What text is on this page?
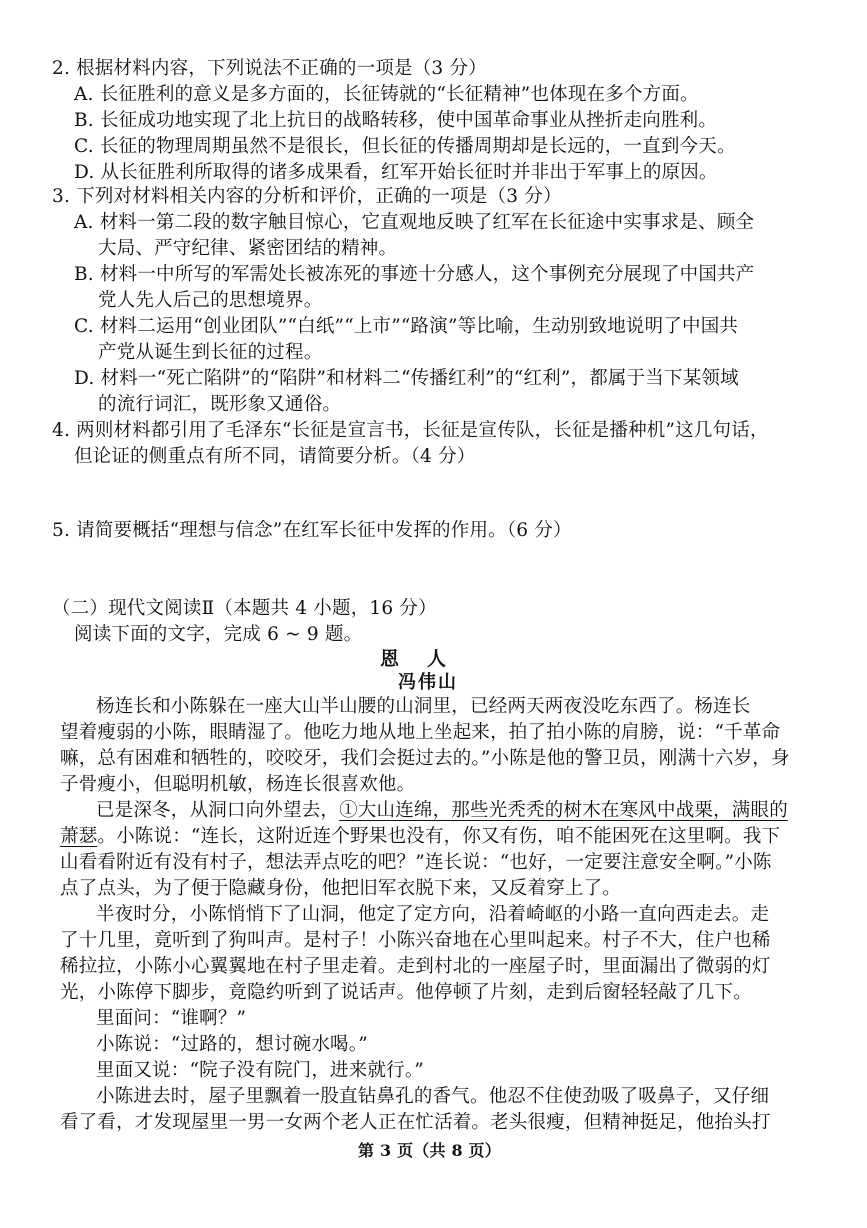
2. 根据材料内容，下列说法不正确的一项是（3 分）
A. 长征胜利的意义是多方面的，长征铸就的“长征精神”也体现在多个方面。
B. 长征成功地实现了北上抗日的战略转移，使中国革命事业从挫折走向胜利。
C. 长征的物理周期虽然不是很长，但长征的传播周期却是长远的，一直到今天。
D. 从长征胜利所取得的诸多成果看，红军开始长征时并非出于军事上的原因。
3. 下列对材料相关内容的分析和评价，正确的一项是（3 分）
A. 材料一第二段的数字触目惊心，它直观地反映了红军在长征途中实事求是、顾全
大局、严守纪律、紧密团结的精神。
B. 材料一中所写的军需处长被冻死的事迹十分感人，这个事例充分展现了中国共产
党人先人后己的思想境界。
C. 材料二运用“创业团队”“白纸”“上市”“路演”等比喻，生动别致地说明了中国共
产党从诞生到长征的过程。
D. 材料一“死亡陷阱”的“陷阱”和材料二“传播红利”的“红利”，都属于当下某领域
的流行词汇，既形象又通俗。
4. 两则材料都引用了毛泽东“长征是宣言书，长征是宣传队，长征是播种机”这几句话，
但论证的侧重点有所不同，请简要分析。（4 分）
5. 请简要概括“理想与信念”在红军长征中发挥的作用。（6 分）
（二）现代文阅读Ⅱ（本题共 4 小题，16 分）
阅读下面的文字，完成 6 ~ 9 题。
恩人
冯伟山
杨连长和小陈躲在一座大山半山腰的山洞里，已经两天两夜没吃东西了。杨连长
望着瘦弱的小陈，眼睛湿了。他吃力地从地上坐起来，拍了拍小陈的肩膀，说：“千革命
嘛，总有困难和牺牲的，咬咬牙，我们会挺过去的。”小陈是他的警卫员，刚满十六岁，身
子骨瘦小，但聪明机敏，杨连长很喜欢他。
已是深冬，从洞口向外望去，①大山连绵，那些光秃秃的树木在寒风中战栗，满眼的
萧瑟。小陈说：“连长，这附近连个野果也没有，你又有伤，咱不能困死在这里啊。我下
山看看附近有没有村子，想法弄点吃的吧？”连长说：“也好，一定要注意安全啊。”小陈
点了点头，为了便于隐藏身份，他把旧军衣脱下来，又反着穿上了。
半夜时分，小陈悄悄下了山洞，他定了定方向，沿着崎岖的小路一直向西走去。走
了十几里，竟听到了狗叫声。是村子！小陈兴奋地在心里叫起来。村子不大，住户也稀
稀拉拉，小陈小心翼翼地在村子里走着。走到村北的一座屋子时，里面漏出了微弱的灯
光，小陈停下脚步，竟隐约听到了说话声。他停顿了片刻，走到后窗轻轻敲了几下。
里面问：“谁啊？”
小陈说：“过路的，想讨碗水喝。”
里面又说：“院子没有院门，进来就行。”
小陈进去时，屋子里飘着一股直钻鼻孔的香气。他忍不住使劲吸了吸鼻子，又仔细
看了看，才发现屋里一男一女两个老人正在忙活着。老头很瘦，但精神挺足，他抬头打
第 3 页（共 8 页）
